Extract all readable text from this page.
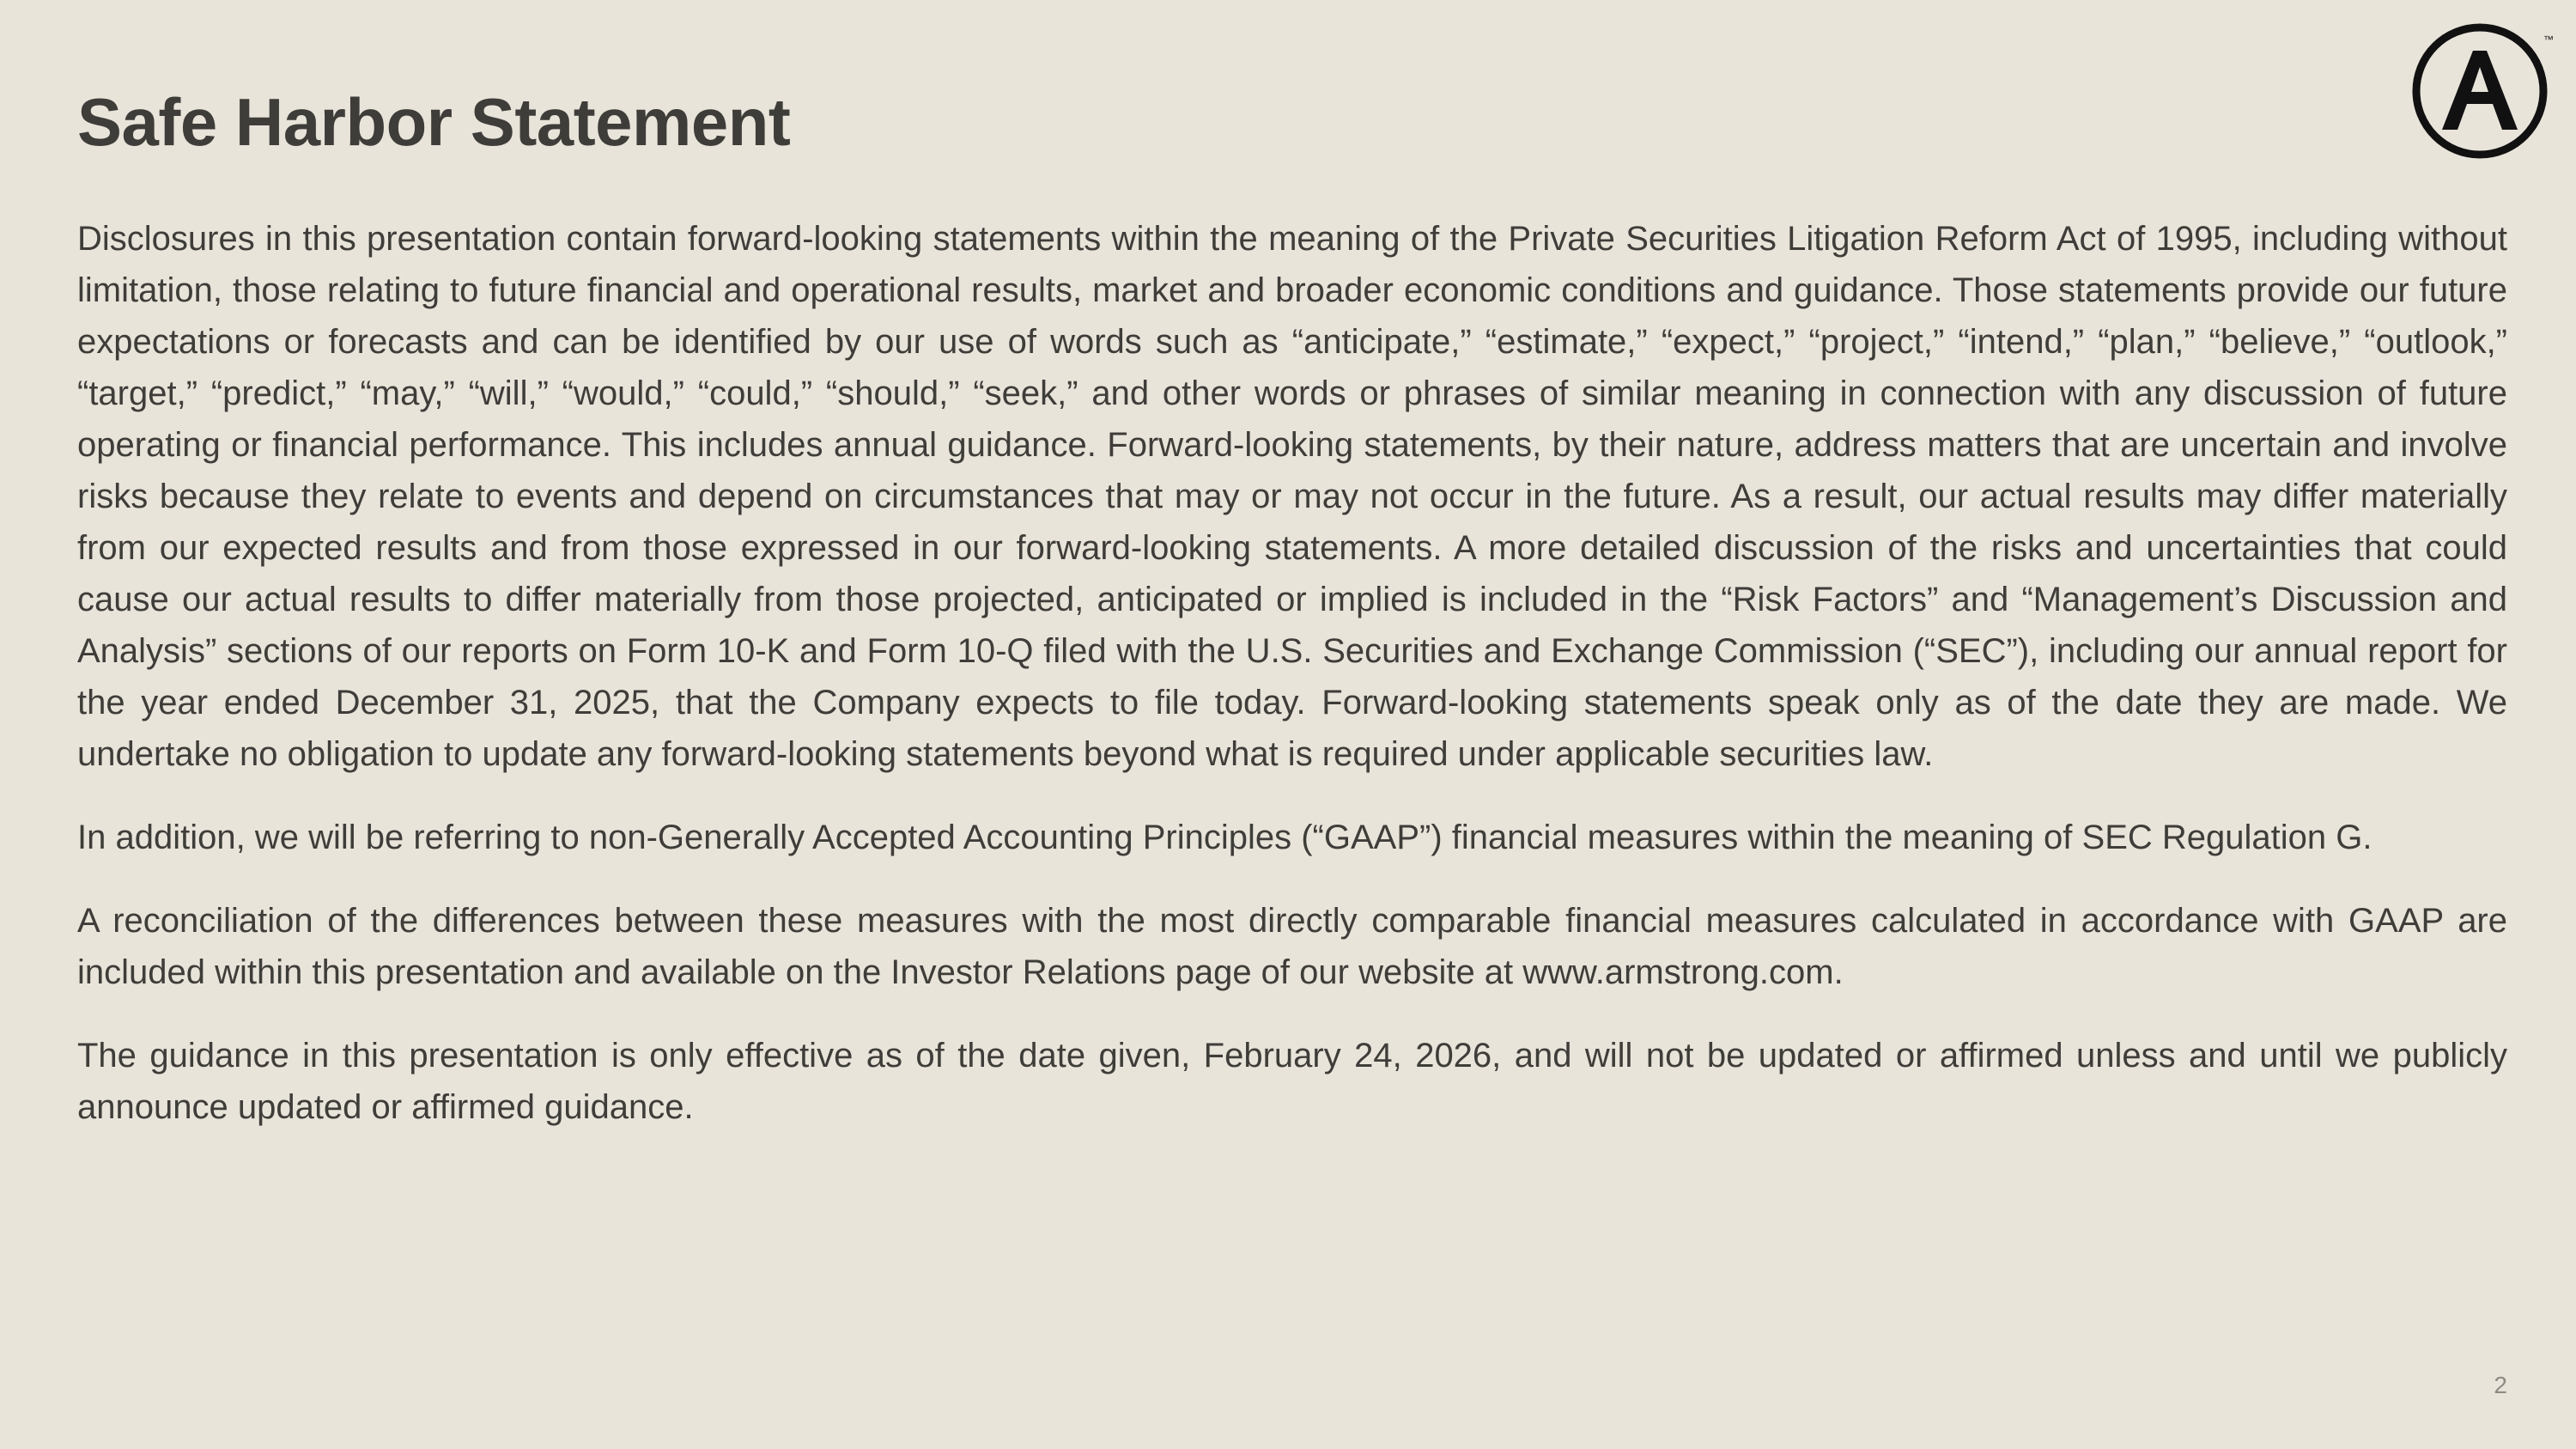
Safe Harbor Statement
™

Disclosures in this presentation contain forward-looking statements within the meaning of the Private Securities Litigation Reform Act of 1995, including without limitation, those relating to future financial and operational results, market and broader economic conditions and guidance. Those statements provide our future expectations or forecasts and can be identified by our use of words such as “anticipate,” “estimate,” “expect,” “project,” “intend,” “plan,” “believe,” “outlook,” “target,” “predict,” “may,” “will,” “would,” “could,” “should,” “seek,” and other words or phrases of similar meaning in connection with any discussion of future operating or financial performance. This includes annual guidance. Forward-looking statements, by their nature, address matters that are uncertain and involve risks because they relate to events and depend on circumstances that may or may not occur in the future. As a result, our actual results may differ materially from our expected results and from those expressed in our forward-looking statements. A more detailed discussion of the risks and uncertainties that could cause our actual results to differ materially from those projected, anticipated or implied is included in the “Risk Factors” and “Management’s Discussion and Analysis” sections of our reports on Form 10-K and Form 10-Q filed with the U.S. Securities and Exchange Commission (“SEC”), including our annual report for the year ended December 31, 2025, that the Company expects to file today. Forward-looking statements speak only as of the date they are made. We undertake no obligation to update any forward-looking statements beyond what is required under applicable securities law.

In addition, we will be referring to non-Generally Accepted Accounting Principles (“GAAP”) financial measures within the meaning of SEC Regulation G.

A reconciliation of the differences between these measures with the most directly comparable financial measures calculated in accordance with GAAP are included within this presentation and available on the Investor Relations page of our website at www.armstrong.com.

The guidance in this presentation is only effective as of the date given, February 24, 2026, and will not be updated or affirmed unless and until we publicly announce updated or affirmed guidance.

2
